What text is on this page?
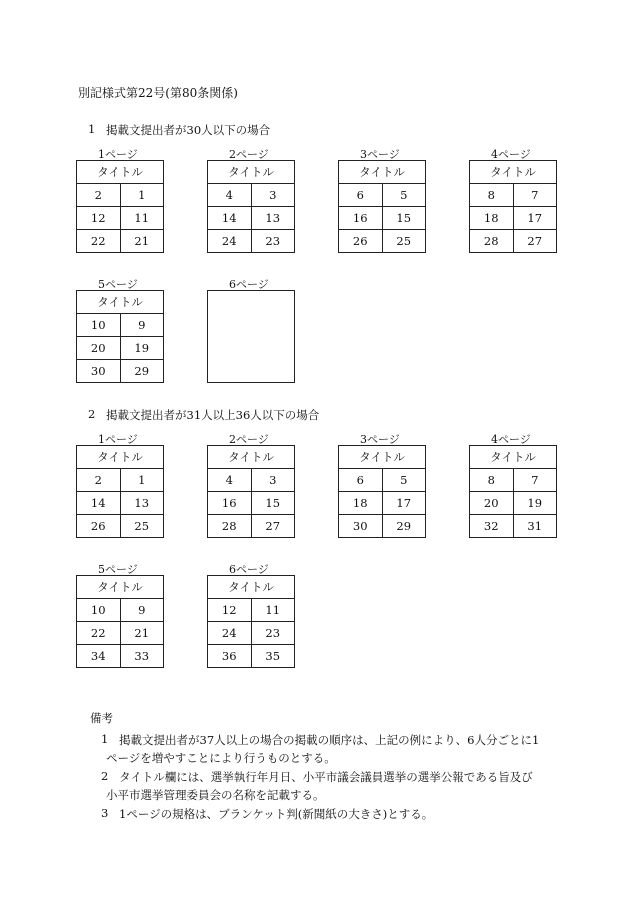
別記様式第22号(第80条関係)
1 掲載文提出者が30人以下の場合
1ページ
タイトル
2	1
12	11
22	21
2ページ
タイトル
4	3
14	13
24	23
3ページ
タイトル
6	5
16	15
26	25
4ページ
タイトル
8	7
18	17
28	27
5ページ
タイトル
10	9
20	19
30	29
6ページ
2 掲載文提出者が31人以上36人以下の場合
1ページ
タイトル
2	1
14	13
26	25
2ページ
タイトル
4	3
16	15
28	27
3ページ
タイトル
6	5
18	17
30	29
4ページ
タイトル
8	7
20	19
32	31
5ページ
タイトル
10	9
22	21
34	33
6ページ
タイトル
12	11
24	23
36	35
備考
1 掲載文提出者が37人以上の場合の掲載の順序は、上記の例により、6人分ごとに1
ページを増やすことにより行うものとする。
2 タイトル欄には、選挙執行年月日、小平市議会議員選挙の選挙公報である旨及び
小平市選挙管理委員会の名称を記載する。
3 1ページの規格は、ブランケット判(新聞紙の大きさ)とする。
